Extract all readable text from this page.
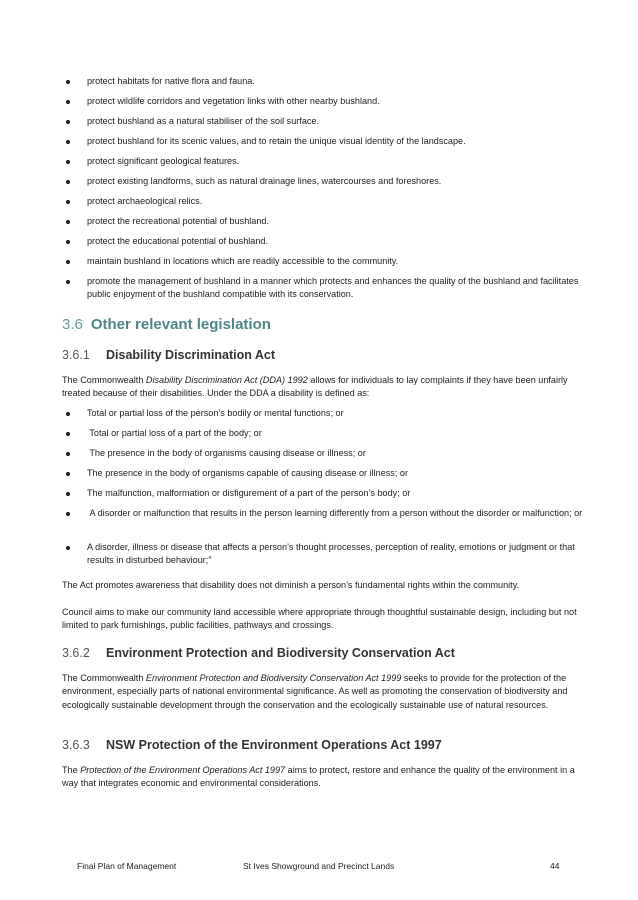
protect habitats for native flora and fauna.
protect wildlife corridors and vegetation links with other nearby bushland.
protect bushland as a natural stabiliser of the soil surface.
protect bushland for its scenic values, and to retain the unique visual identity of the landscape.
protect significant geological features.
protect existing landforms, such as natural drainage lines, watercourses and foreshores.
protect archaeological relics.
protect the recreational potential of bushland.
protect the educational potential of bushland.
maintain bushland in locations which are readily accessible to the community.
promote the management of bushland in a manner which protects and enhances the quality of the bushland and facilitates public enjoyment of the bushland compatible with its conservation.
3.6 Other relevant legislation
3.6.1 Disability Discrimination Act

The Commonwealth Disability Discrimination Act (DDA) 1992 allows for individuals to lay complaints if they have been unfairly treated because of their disabilities. Under the DDA a disability is defined as:

Total or partial loss of the person’s bodily or mental functions; or
Total or partial loss of a part of the body; or
The presence in the body of organisms causing disease or illness; or
The presence in the body of organisms capable of causing disease or illness; or
The malfunction, malformation or disfigurement of a part of the person’s body; or
A disorder or malfunction that results in the person learning differently from a person without the disorder or malfunction; or
A disorder, illness or disease that affects a person’s thought processes, perception of reality, emotions or judgment or that results in disturbed behaviour;”

The Act promotes awareness that disability does not diminish a person’s fundamental rights within the community.

Council aims to make our community land accessible where appropriate through thoughtful sustainable design, including but not limited to park furnishings, public facilities, pathways and crossings.

3.6.2 Environment Protection and Biodiversity Conservation Act

The Commonwealth Environment Protection and Biodiversity Conservation Act 1999 seeks to provide for the protection of the environment, especially parts of national environmental significance. As well as promoting the conservation of biodiversity and ecologically sustainable development through the conservation and the ecologically sustainable use of natural resources.

3.6.3 NSW Protection of the Environment Operations Act 1997

The Protection of the Environment Operations Act 1997 aims to protect, restore and enhance the quality of the environment in a way that integrates economic and environmental considerations.

Final Plan of Management	St Ives Showground and Precinct Lands	44
